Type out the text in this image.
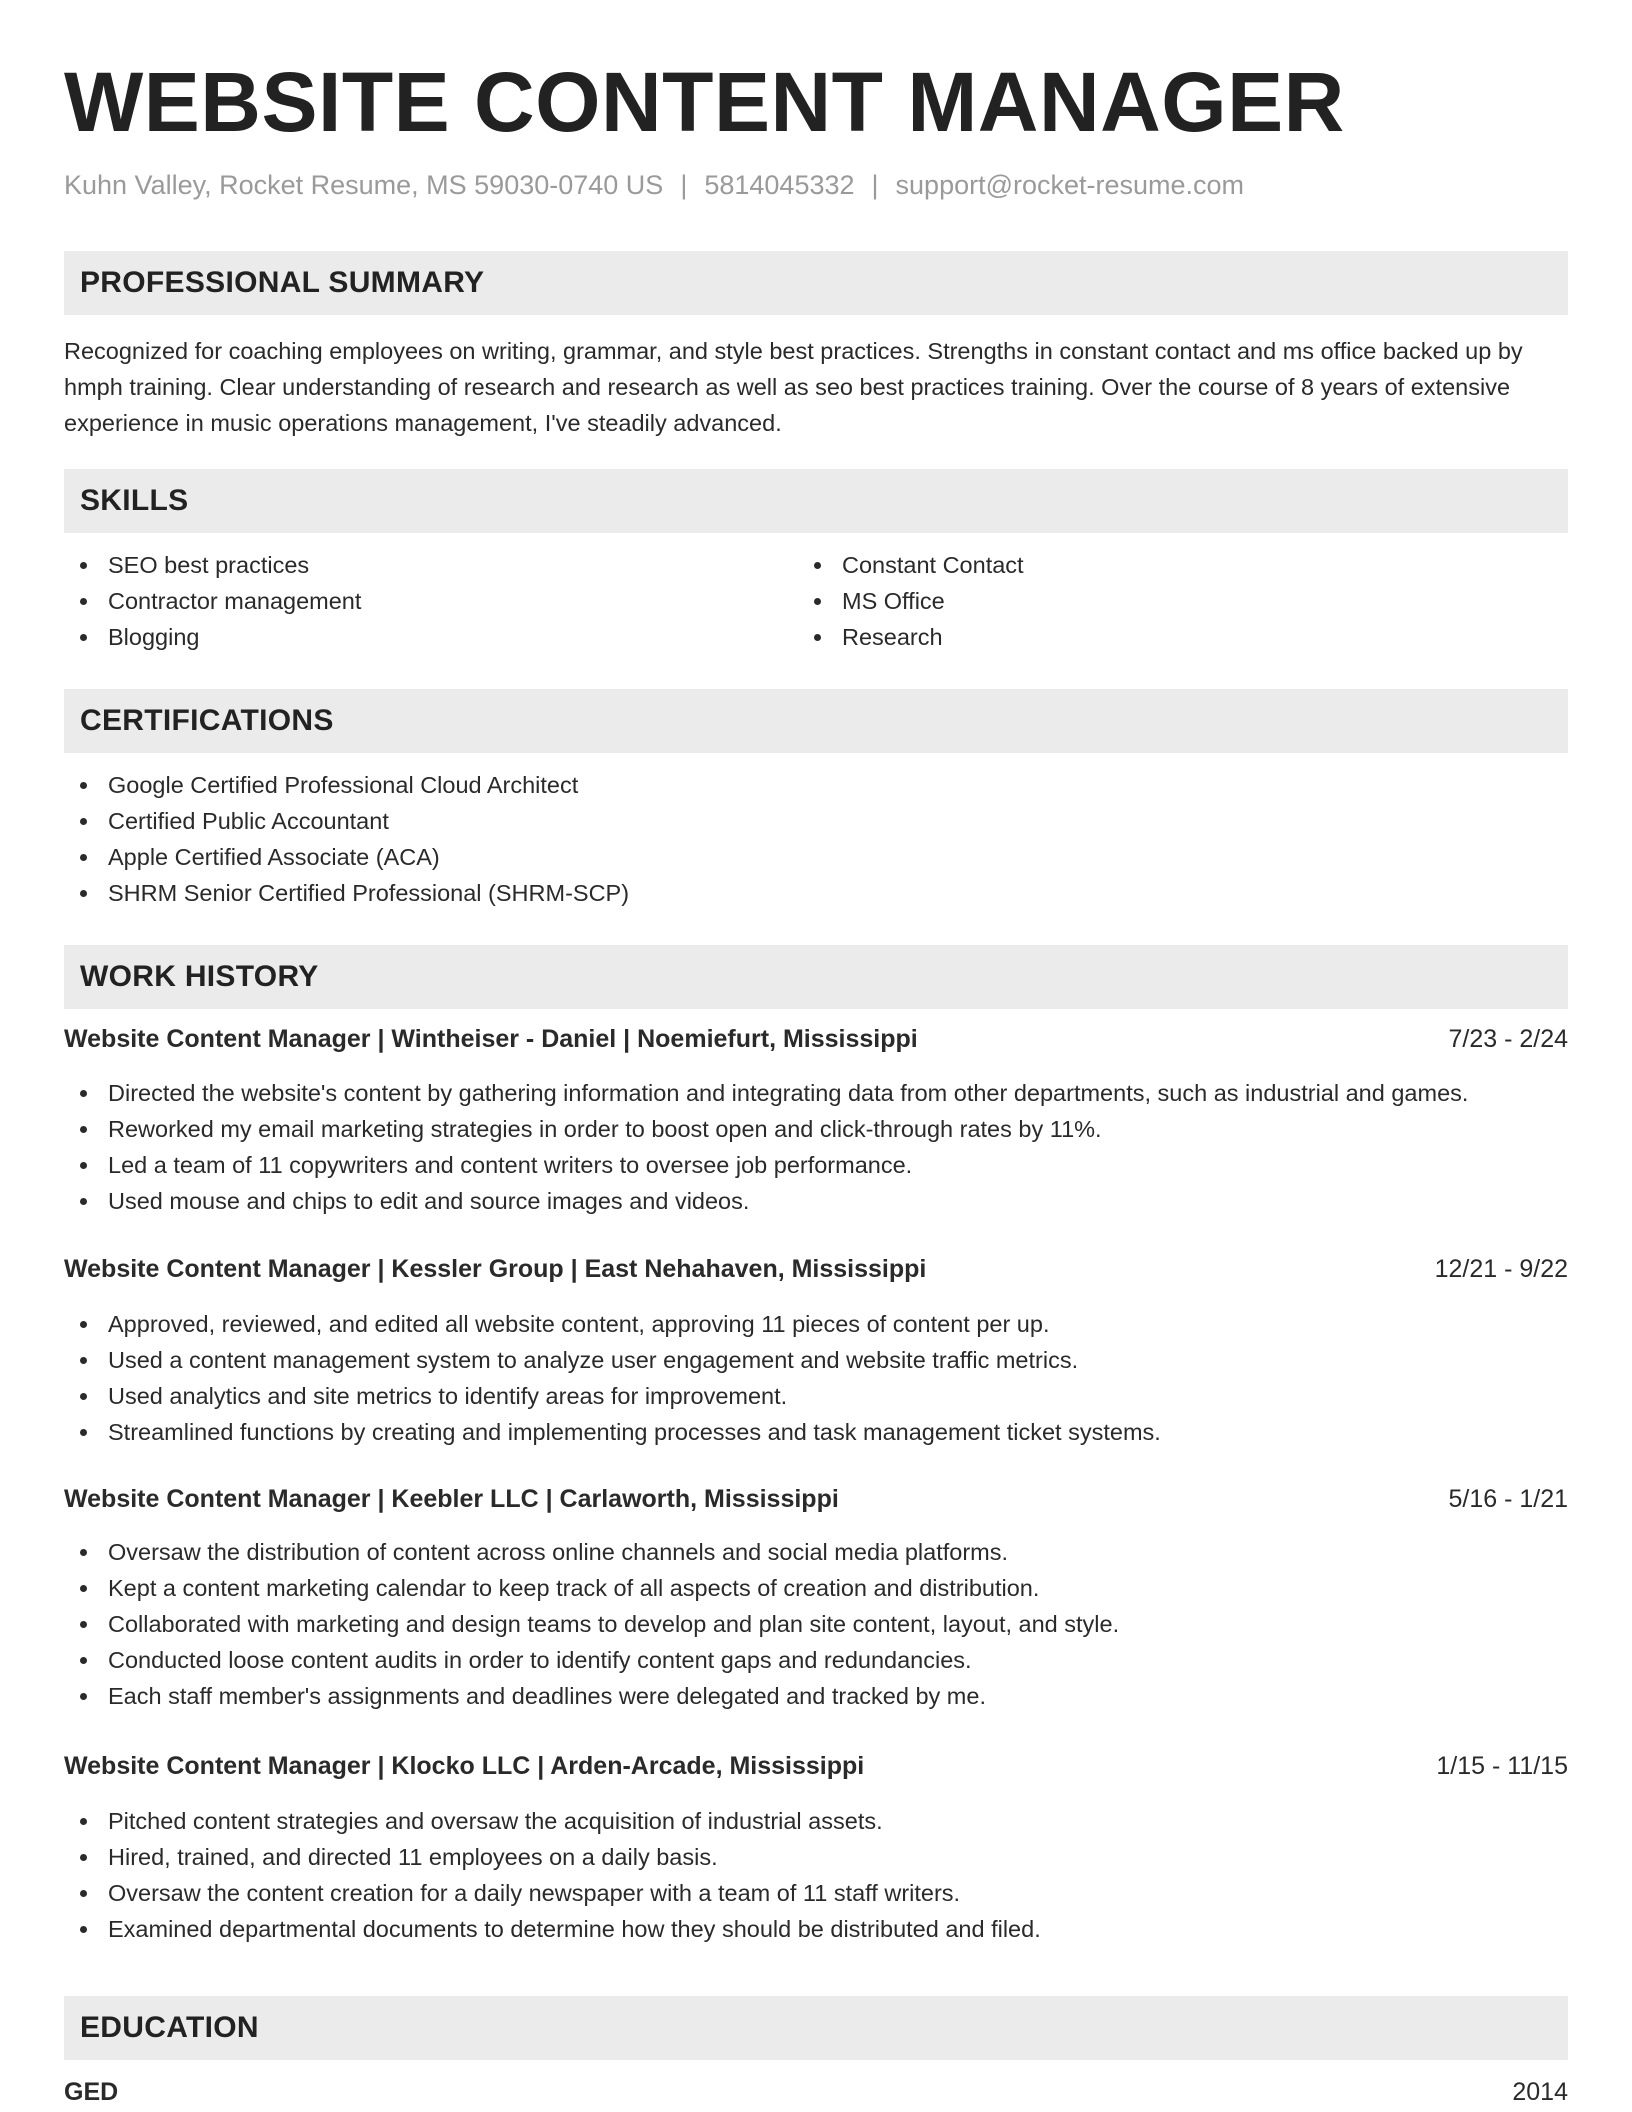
WEBSITE CONTENT MANAGER
Kuhn Valley, Rocket Resume, MS 59030-0740 US | 5814045332 | support@rocket-resume.com
PROFESSIONAL SUMMARY

Recognized for coaching employees on writing, grammar, and style best practices. Strengths in constant contact and ms office backed up by hmph training. Clear understanding of research and research as well as seo best practices training. Over the course of 8 years of extensive experience in music operations management, I've steadily advanced.

SKILLS
SEO best practices
Contractor management
Blogging
Constant Contact
MS Office
Research
CERTIFICATIONS
Google Certified Professional Cloud Architect
Certified Public Accountant
Apple Certified Associate (ACA)
SHRM Senior Certified Professional (SHRM-SCP)
WORK HISTORY
Website Content Manager | Wintheiser - Daniel | Noemiefurt, Mississippi	7/23 - 2/24
Directed the website's content by gathering information and integrating data from other departments, such as industrial and games.
Reworked my email marketing strategies in order to boost open and click-through rates by 11%.
Led a team of 11 copywriters and content writers to oversee job performance.
Used mouse and chips to edit and source images and videos.
Website Content Manager | Kessler Group | East Nehahaven, Mississippi	12/21 - 9/22
Approved, reviewed, and edited all website content, approving 11 pieces of content per up.
Used a content management system to analyze user engagement and website traffic metrics.
Used analytics and site metrics to identify areas for improvement.
Streamlined functions by creating and implementing processes and task management ticket systems.
Website Content Manager | Keebler LLC | Carlaworth, Mississippi	5/16 - 1/21
Oversaw the distribution of content across online channels and social media platforms.
Kept a content marketing calendar to keep track of all aspects of creation and distribution.
Collaborated with marketing and design teams to develop and plan site content, layout, and style.
Conducted loose content audits in order to identify content gaps and redundancies.
Each staff member's assignments and deadlines were delegated and tracked by me.
Website Content Manager | Klocko LLC | Arden-Arcade, Mississippi	1/15 - 11/15
Pitched content strategies and oversaw the acquisition of industrial assets.
Hired, trained, and directed 11 employees on a daily basis.
Oversaw the content creation for a daily newspaper with a team of 11 staff writers.
Examined departmental documents to determine how they should be distributed and filed.
EDUCATION
GED	2014
